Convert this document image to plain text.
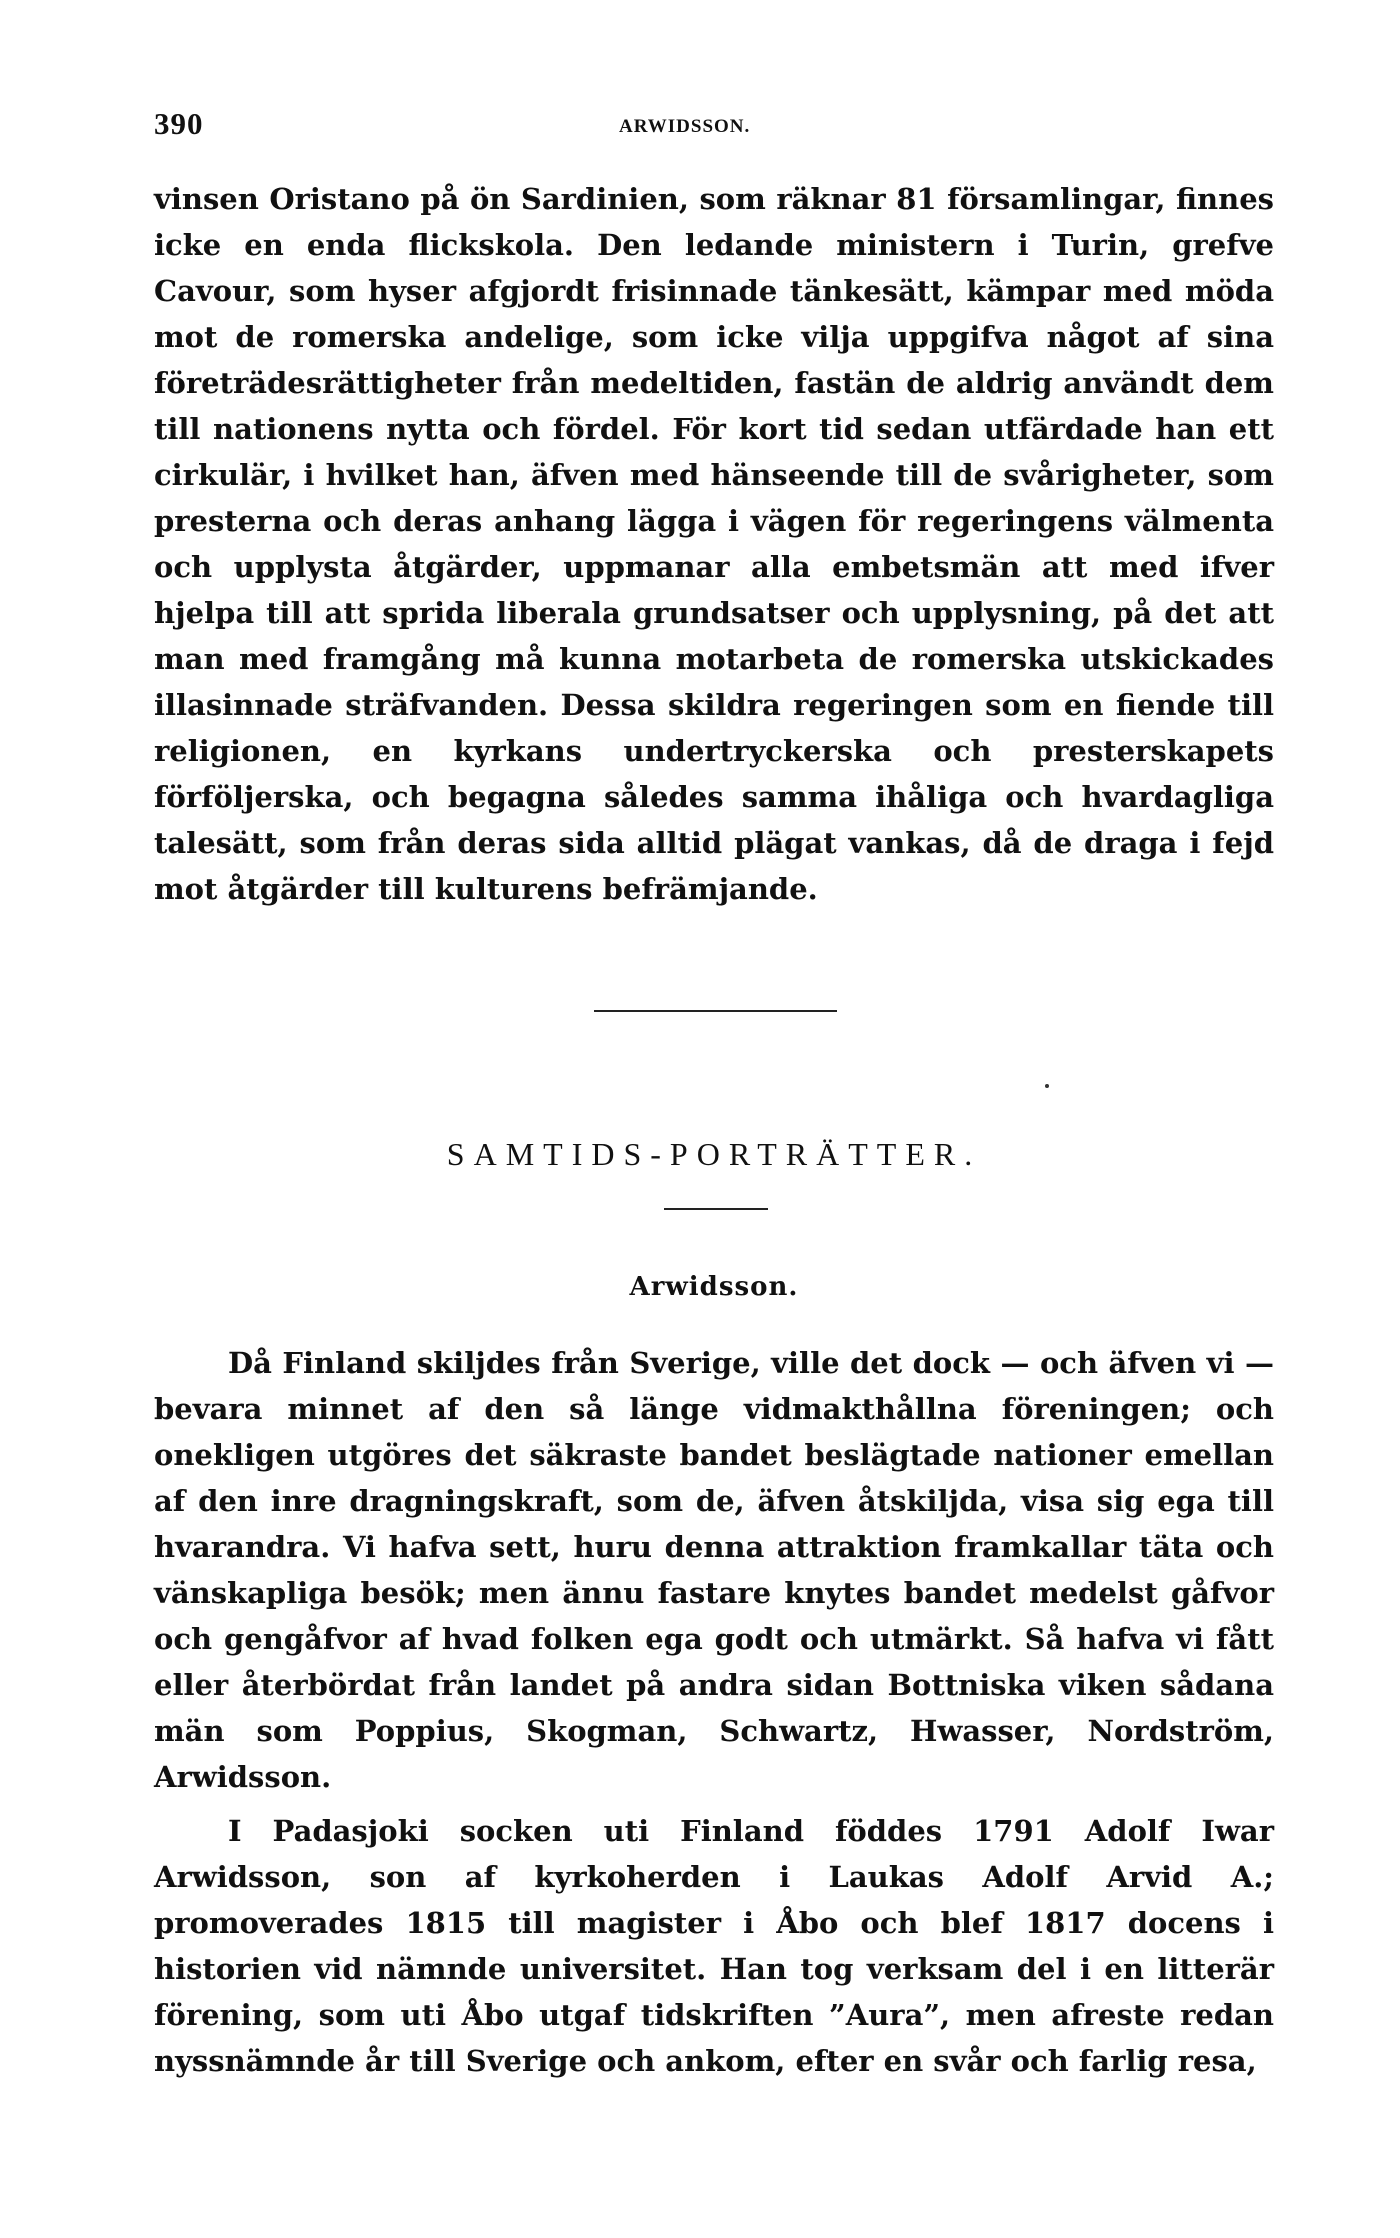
390	ARWIDSSON.
vinsen Oristano på ön Sardinien, som räknar 81 församlingar, finnes icke en enda flickskola. Den ledande ministern i Turin, grefve Cavour, som hyser afgjordt frisinnade tänkesätt, kämpar med möda mot de romerska andelige, som icke vilja uppgifva något af sina företrädesrättigheter från medeltiden, fastän de aldrig användt dem till nationens nytta och fördel. För kort tid sedan utfärdade han ett cirkulär, i hvilket han, äfven med hänseende till de svårigheter, som presterna och deras anhang lägga i vägen för regeringens välmenta och upplysta åtgärder, uppmanar alla embetsmän att med ifver hjelpa till att sprida liberala grundsatser och upplysning, på det att man med framgång må kunna motarbeta de romerska utskickades illasinnade sträfvanden. Dessa skildra regeringen som en fiende till religionen, en kyrkans undertryckerska och presterskapets förföljerska, och begagna således samma ihåliga och hvardagliga talesätt, som från deras sida alltid plägat vankas, då de draga i fejd mot åtgärder till kulturens befrämjande.
SAMTIDS-PORTRÄTTER.
Arwidsson.
Då Finland skiljdes från Sverige, ville det dock — och äfven vi — bevara minnet af den så länge vidmakthållna föreningen; och onekligen utgöres det säkraste bandet beslägtade nationer emellan af den inre dragningskraft, som de, äfven åtskiljda, visa sig ega till hvarandra. Vi hafva sett, huru denna attraktion framkallar täta och vänskapliga besök; men ännu fastare knytes bandet medelst gåfvor och gengåfvor af hvad folken ega godt och utmärkt. Så hafva vi fått eller återbördat från landet på andra sidan Bottniska viken sådana män som Poppius, Skogman, Schwartz, Hwasser, Nordström, Arwidsson.
I Padasjoki socken uti Finland föddes 1791 Adolf Iwar Arwidsson, son af kyrkoherden i Laukas Adolf Arvid A.; promoverades 1815 till magister i Åbo och blef 1817 docens i historien vid nämnde universitet. Han tog verksam del i en litterär förening, som uti Åbo utgaf tidskriften ”Aura”, men afreste redan nyssnämnde år till Sverige och ankom, efter en svår och farlig resa,
